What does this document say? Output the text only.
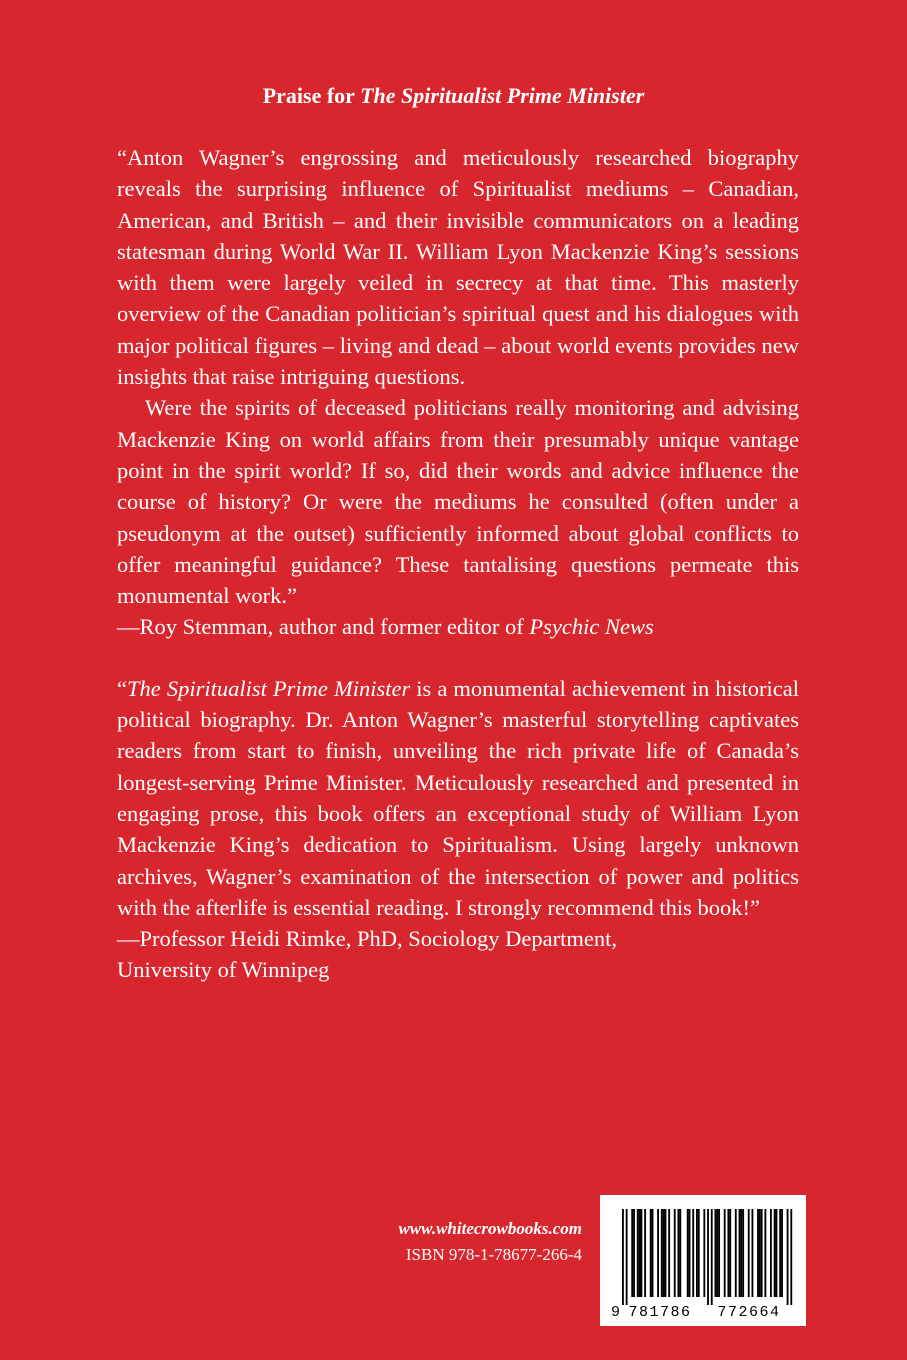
Praise for The Spiritualist Prime Minister

“Anton Wagner’s engrossing and meticulously researched biography reveals the surprising influence of Spiritualist mediums – Canadian, American, and British – and their invisible communicators on a leading statesman during World War II. William Lyon Mackenzie King’s sessions with them were largely veiled in secrecy at that time. This masterly overview of the Canadian politician’s spiritual quest and his dialogues with major political figures – living and dead – about world events provides new insights that raise intriguing questions.

Were the spirits of deceased politicians really monitoring and advising Mackenzie King on world affairs from their presumably unique vantage point in the spirit world? If so, did their words and advice influence the course of history? Or were the mediums he consulted (often under a pseudonym at the outset) sufficiently informed about global conflicts to offer meaningful guidance? These tantalising questions permeate this monumental work.”

—Roy Stemman, author and former editor of Psychic News

“The Spiritualist Prime Minister is a monumental achievement in historical political biography. Dr. Anton Wagner’s masterful storytelling captivates readers from start to finish, unveiling the rich private life of Canada’s longest-serving Prime Minister. Meticulously researched and presented in engaging prose, this book offers an exceptional study of William Lyon Mackenzie King’s dedication to Spiritualism. Using largely unknown archives, Wagner’s examination of the intersection of power and politics with the afterlife is essential reading. I strongly recommend this book!”

—Professor Heidi Rimke, PhD, Sociology Department,

University of Winnipeg

www.whitecrowbooks.com
ISBN 978-1-78677-266-4
9 781786 772664
